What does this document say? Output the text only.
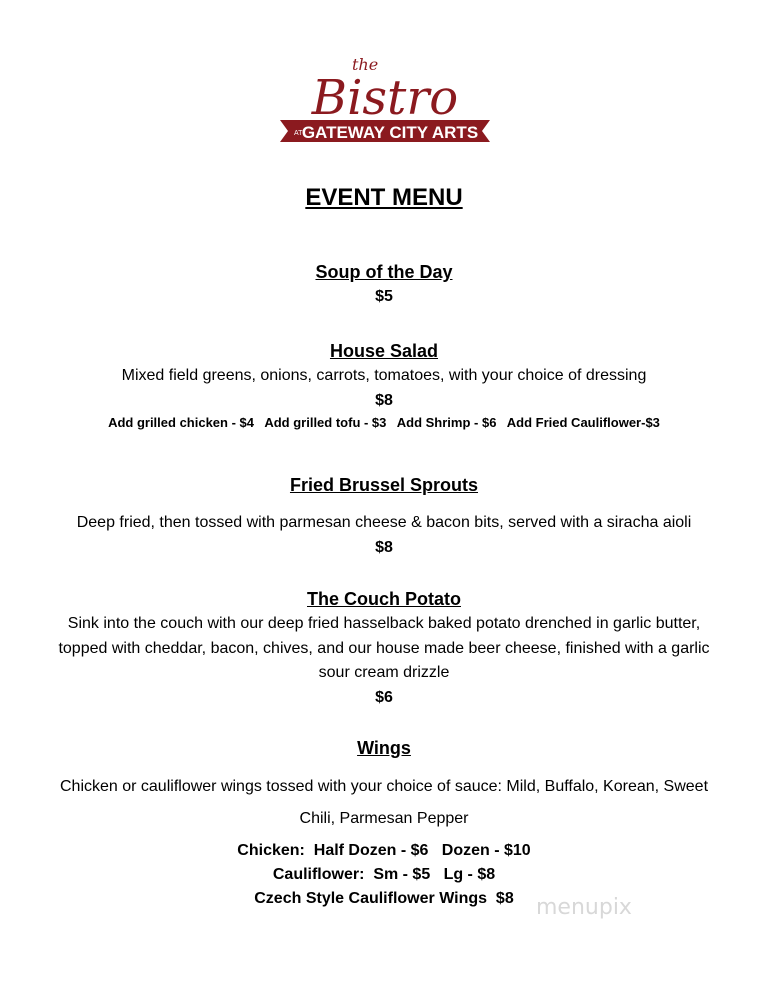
the
Bistro
AT GATEWAY CITY ARTS
EVENT MENU
Soup of the Day
$5
House Salad
Mixed field greens, onions, carrots, tomatoes, with your choice of dressing
$8
Add grilled chicken - $4   Add grilled tofu - $3   Add Shrimp - $6   Add Fried Cauliflower-$3
Fried Brussel Sprouts
Deep fried, then tossed with parmesan cheese & bacon bits, served with a siracha aioli
$8
The Couch Potato
Sink into the couch with our deep fried hasselback baked potato drenched in garlic butter,
topped with cheddar, bacon, chives, and our house made beer cheese, finished with a garlic
sour cream drizzle
$6
Wings
Chicken or cauliflower wings tossed with your choice of sauce: Mild, Buffalo, Korean, Sweet
Chili, Parmesan Pepper
Chicken:  Half Dozen - $6   Dozen - $10
Cauliflower:  Sm - $5   Lg - $8
Czech Style Cauliflower Wings  $8	menupix
